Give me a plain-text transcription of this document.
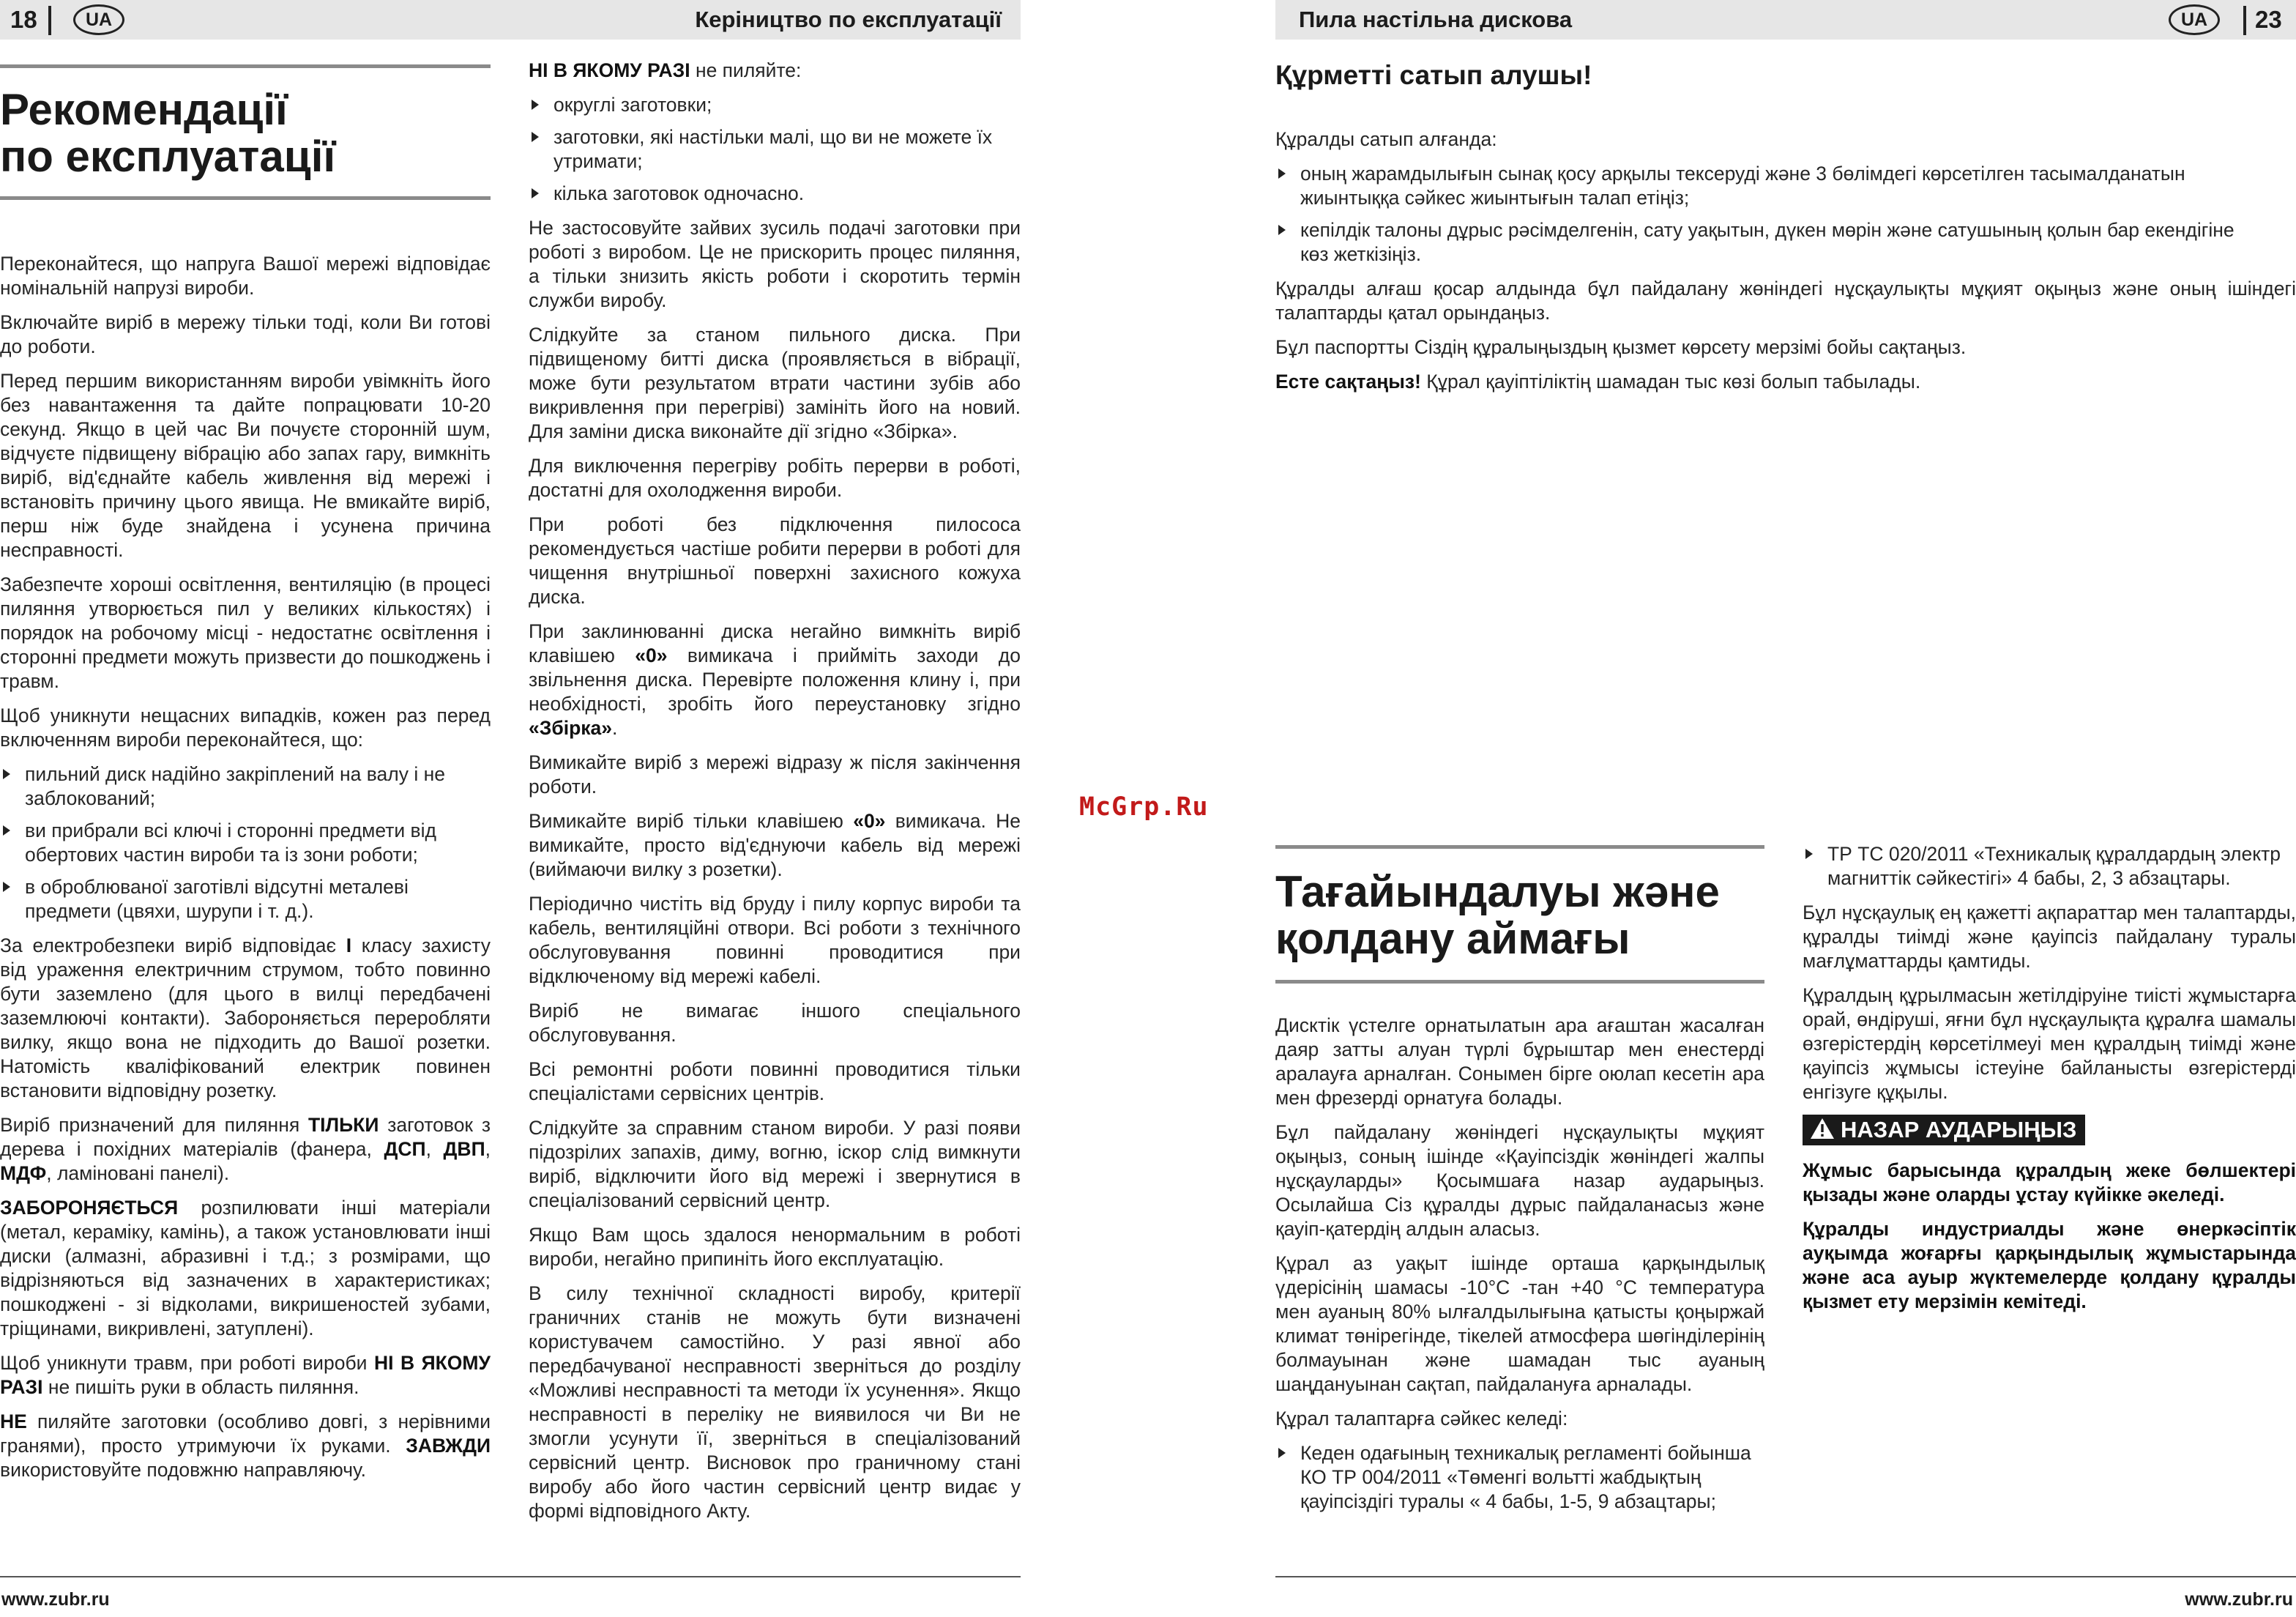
18	UA	Керіництво по експлуатації
Рекомендації
по експлуатації

Переконайтеся, що напруга Вашої мережі відповідає номінальній напрузі вироби.

Включайте виріб в мережу тільки тоді, коли Ви готові до роботи.

Перед першим використанням вироби увімкніть його без навантаження та дайте попрацювати 10-20 секунд. Якщо в цей час Ви почуєте сторонній шум, відчуєте підвищену вібрацію або запах гару, вимкніть виріб, від'єднайте кабель живлення від мережі і встановіть причину цього явища. Не вмикайте виріб, перш ніж буде знайдена і усунена причина несправності.

Забезпечте хороші освітлення, вентиляцію (в процесі пиляння утворюється пил у великих кількостях) і порядок на робочому місці - недостатнє освітлення і сторонні предмети можуть призвести до пошкоджень і травм.

Щоб уникнути нещасних випадків, кожен раз перед включенням вироби переконайтеся, що:

пильний диск надійно закріплений на валу і не заблокований;
ви прибрали всі ключі і сторонні предмети від обертових частин вироби та із зони роботи;
в оброблюваної заготівлі відсутні металеві предмети (цвяхи, шурупи і т. д.).

За електробезпеки виріб відповідає I класу захисту від ураження електричним струмом, тобто повинно бути заземлено (для цього в вилці передбачені заземлюючі контакти). Забороняється переробляти вилку, якщо вона не підходить до Вашої розетки. Натомість кваліфікований електрик повинен встановити відповідну розетку.

Виріб призначений для пиляння ТІЛЬКИ заготовок з дерева і похідних матеріалів (фанера, ДСП, ДВП, МДФ, ламіновані панелі).

ЗАБОРОНЯЄТЬСЯ розпилювати інші матеріали (метал, кераміку, камінь), а також установлювати інші диски (алмазні, абразивні і т.д.; з розмірами, що відрізняються від зазначених в характеристиках; пошкоджені - зі відколами, викришеностей зубами, тріщинами, викривлені, затуплені).

Щоб уникнути травм, при роботі вироби НІ В ЯКОМУ РАЗІ не пишіть руки в область пиляння.

НЕ пиляйте заготовки (особливо довгі, з нерівними гранями), просто утримуючи їх руками. ЗАВЖДИ використовуйте подовжню направляючу.

НІ В ЯКОМУ РАЗІ не пиляйте:

округлі заготовки;
заготовки, які настільки малі, що ви не можете їх утримати;
кілька заготовок одночасно.

Не застосовуйте зайвих зусиль подачі заготовки при роботі з виробом. Це не прискорить процес пиляння, а тільки знизить якість роботи і скоротить термін служби виробу.

Слідкуйте за станом пильного диска. При підвищеному битті диска (проявляється в вібрації, може бути результатом втрати частини зубів або викривлення при перегріві) замініть його на новий. Для заміни диска виконайте дії згідно «Збірка».

Для виключення перегріву робіть перерви в роботі, достатні для охолодження вироби.

При роботі без підключення пилососа рекомендується частіше робити перерви в роботі для чищення внутрішньої поверхні захисного кожуха диска.

При заклинюванні диска негайно вимкніть виріб клавішею «0» вимикача і прийміть заходи до звільнення диска. Перевірте положення клину і, при необхідності, зробіть його переустановку згідно «Збірка».

Вимикайте виріб з мережі відразу ж після закінчення роботи.

Вимикайте виріб тільки клавішею «0» вимикача. Не вимикайте, просто від'єднуючи кабель від мережі (виймаючи вилку з розетки).

Періодично чистіть від бруду і пилу корпус вироби та кабель, вентиляційні отвори. Всі роботи з технічного обслуговування повинні проводитися при відключеному від мережі кабелі.

Виріб не вимагає іншого спеціального обслуговування.

Всі ремонтні роботи повинні проводитися тільки спеціалістами сервісних центрів.

Слідкуйте за справним станом вироби. У разі появи підозрілих запахів, диму, вогню, іскор слід вимкнути виріб, відключити його від мережі і звернутися в спеціалізований сервісний центр.

Якщо Вам щось здалося ненормальним в роботі вироби, негайно припиніть його експлуатацію.

В силу технічної складності виробу, критерії граничних станів не можуть бути визначені користувачем самостійно. У разі явної або передбачуваної несправності зверніться до розділу «Можливі несправності та методи їх усунення». Якщо несправності в переліку не виявилося чи Ви не змогли усунути її, зверніться в спеціалізований сервісний центр. Висновок про граничному стані виробу або його частин сервісний центр видає у формі відповідного Акту.

www.zubr.ru
Пила настільна дискова	UA	23
Құрметті сатып алушы!

Құралды сатып алғанда:

оның жарамдылығын сынақ қосу арқылы тексеруді және 3 бөлімдегі көрсетілген тасымалданатын жиынтыққа сәйкес жиынтығын талап етіңіз;
кепілдік талоны дұрыс рәсімделгенін, сату уақытын, дүкен мөрін және сатушының қолын бар екендігіне көз жеткізіңіз.

Құралды алғаш қосар алдында бұл пайдалану жөніндегі нұсқаулықты мұқият оқыңыз және оның ішіндегі талаптарды қатал орындаңыз.

Бұл паспортты Сіздің құралыңыздың қызмет көрсету мерзімі бойы сақтаңыз.

Есте сақтаңыз! Құрал қауіптіліктің шамадан тыс көзі болып табылады.

Тағайындалуы және
қолдану аймағы

Дисктік үстелге орнатылатын ара ағаштан жасалған даяр затты алуан түрлі бұрыштар мен енестерді аралауға арналған. Сонымен бірге оюлап кесетін ара мен фрезерді орнатуға болады.

Бұл пайдалану жөніндегі нұсқаулықты мұқият оқыңыз, соның ішінде «Қауіпсіздік жөніндегі жалпы нұсқауларды» Қосымшаға назар аударыңыз. Осылайша Сіз құралды дұрыс пайдаланасыз және қауіп-қатердің алдын аласыз.

Құрал аз уақыт ішінде орташа қарқындылық үдерісінің шамасы -10°С -тан +40 °С температура мен ауаның 80% ылғалдылығына қатысты қоңыржай климат төнірегінде, тікелей атмосфера шөгінділерінің болмауынан және шамадан тыс ауаның шаңдануынан сақтап, пайдалануға арналады.

Құрал талаптарға сәйкес келеді:

Кеден одағының техникалық регламенті бойынша КО ТР 004/2011 «Төменгі вольтті жабдықтың қауіпсіздігі туралы « 4 бабы, 1-5, 9 абзацтары;
ТР ТС 020/2011 «Техникалық құралдардың электр магниттік сәйкестігі» 4 бабы, 2, 3 абзацтары.

Бұл нұсқаулық ең қажетті ақпараттар мен талаптарды, құралды тиімді және қауіпсіз пайдалану туралы мағлұматтарды қамтиды.

Құралдың құрылмасын жетілдіруіне тиісті жұмыстарға орай, өндіруші, яғни бұл нұсқаулықта құралға шамалы өзгерістердің көрсетілмеуі мен құралдың тиімді және қауіпсіз жұмысы істеуіне байланысты өзгерістерді енгізуге құқылы.

НАЗАР АУДАРЫҢЫЗ

Жұмыс барысында құралдың жеке бөлшектері қызады және оларды ұстау күйікке әкеледі.

Құралды индустриалды және өнеркәсіптік ауқымда жоғарғы қарқындылық жұмыстарында және аса ауыр жүктемелерде қолдану құралды қызмет ету мерзімін кемітеді.

www.zubr.ru
McGrp.Ru
